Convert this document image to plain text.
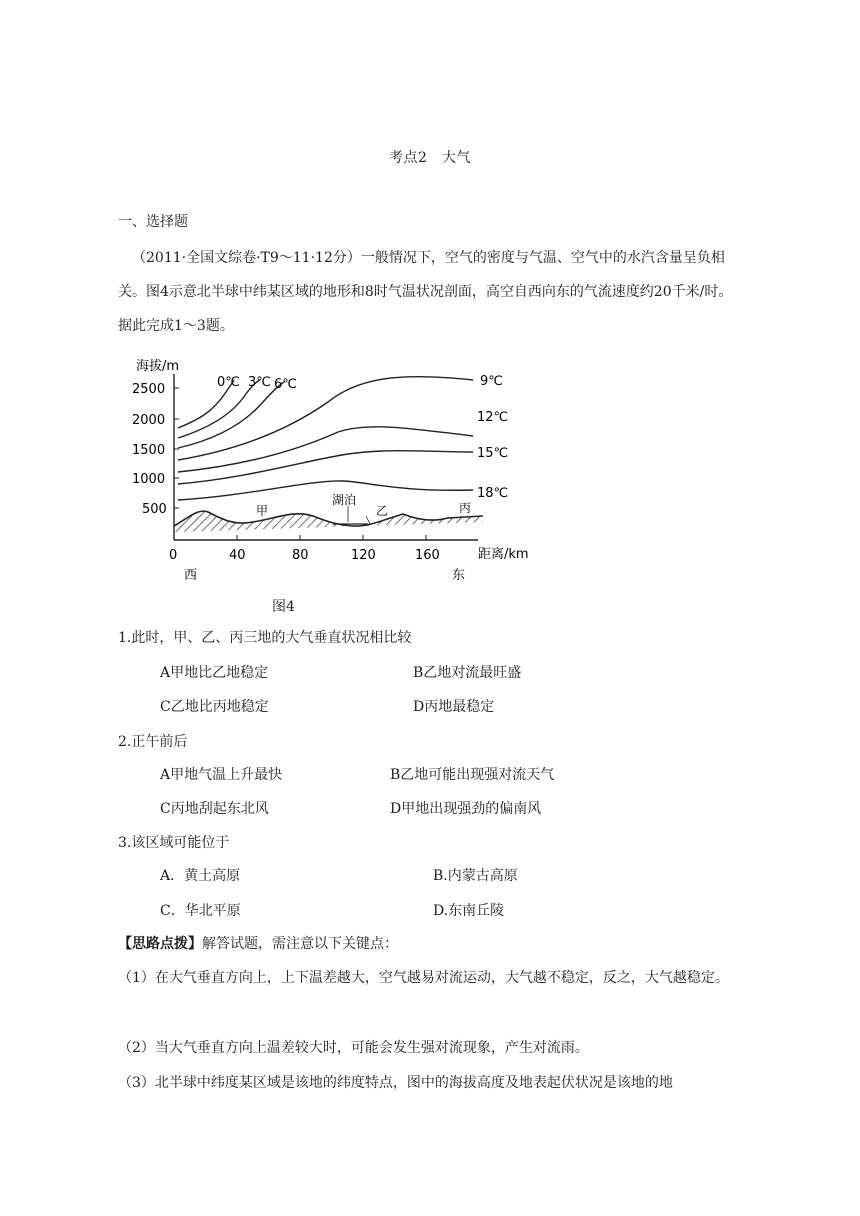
考点2　大气
一、选择题
（2011·全国文综卷·T9～11·12分）一般情况下，空气的密度与气温、空气中的水汽含量呈负相关。图4示意北半球中纬某区域的地形和8时气温状况剖面，高空自西向东的气流速度约20千米/时。据此完成1～3题。
海拔/m
2500
2000
1500
1000
500
0	40	80	120	160	距离/km
西	东
0℃ 3℃ 6℃	9℃
12℃
15℃
18℃
甲
湖泊
乙	丙
图4
1.此时，甲、乙、丙三地的大气垂直状况相比较
A甲地比乙地稳定	B乙地对流最旺盛
C乙地比丙地稳定	D丙地最稳定
2.正午前后
A甲地气温上升最快	B乙地可能出现强对流天气
C丙地刮起东北风	D甲地出现强劲的偏南风
3.该区域可能位于
A．黄土高原	B.内蒙古高原
C．华北平原	D.东南丘陵
【思路点拨】解答试题，需注意以下关键点：
（1）在大气垂直方向上，上下温差越大，空气越易对流运动，大气越不稳定，反之，大气越稳定。
（2）当大气垂直方向上温差较大时，可能会发生强对流现象，产生对流雨。
（3）北半球中纬度某区域是该地的纬度特点，图中的海拔高度及地表起伏状况是该地的地
